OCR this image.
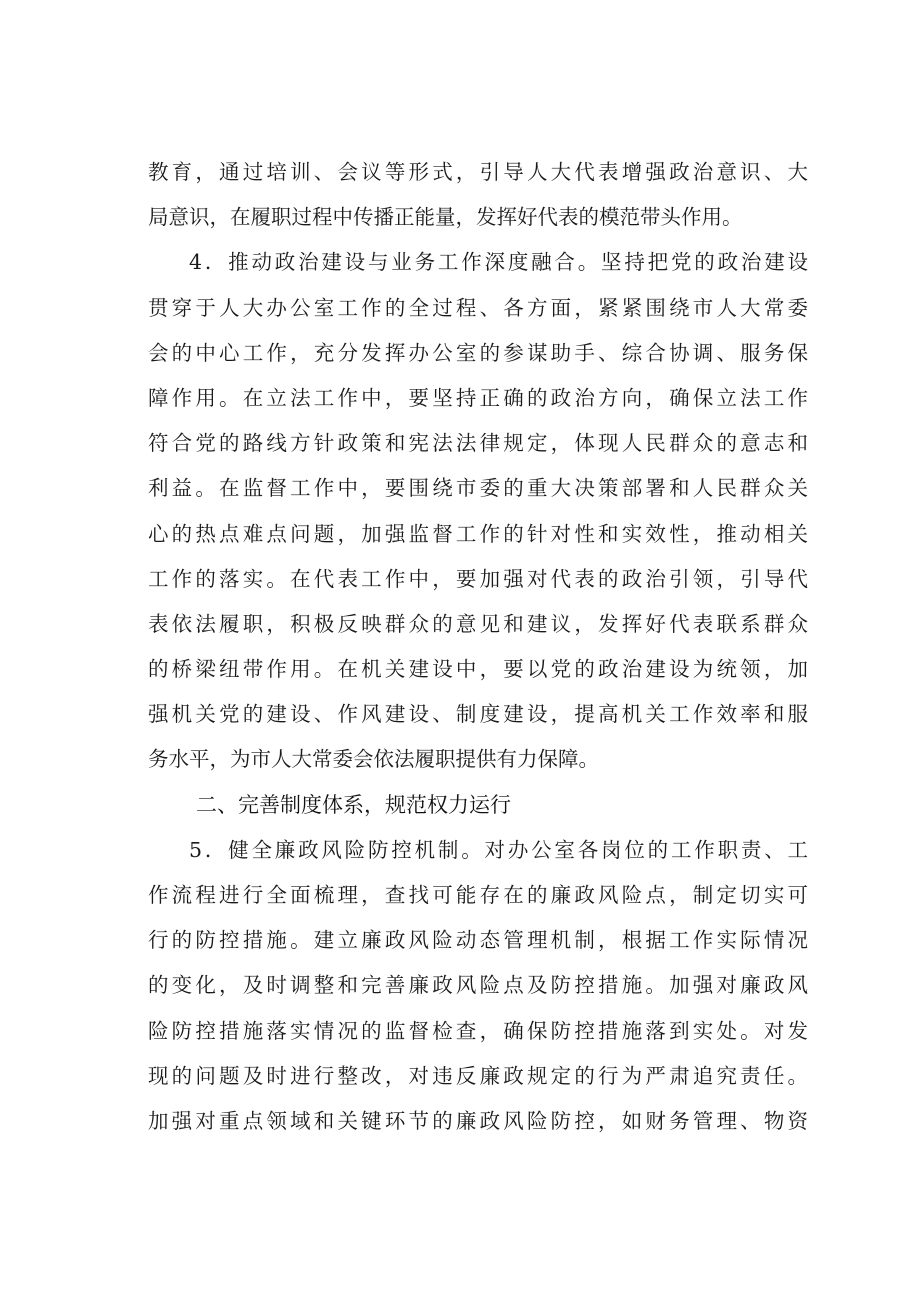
教育，通过培训、会议等形式，引导人大代表增强政治意识、大
局意识，在履职过程中传播正能量，发挥好代表的模范带头作用。
4．推动政治建设与业务工作深度融合。坚持把党的政治建设
贯穿于人大办公室工作的全过程、各方面，紧紧围绕市人大常委
会的中心工作，充分发挥办公室的参谋助手、综合协调、服务保
障作用。在立法工作中，要坚持正确的政治方向，确保立法工作
符合党的路线方针政策和宪法法律规定，体现人民群众的意志和
利益。在监督工作中，要围绕市委的重大决策部署和人民群众关
心的热点难点问题，加强监督工作的针对性和实效性，推动相关
工作的落实。在代表工作中，要加强对代表的政治引领，引导代
表依法履职，积极反映群众的意见和建议，发挥好代表联系群众
的桥梁纽带作用。在机关建设中，要以党的政治建设为统领，加
强机关党的建设、作风建设、制度建设，提高机关工作效率和服
务水平，为市人大常委会依法履职提供有力保障。
二、完善制度体系，规范权力运行
5．健全廉政风险防控机制。对办公室各岗位的工作职责、工
作流程进行全面梳理，查找可能存在的廉政风险点，制定切实可
行的防控措施。建立廉政风险动态管理机制，根据工作实际情况
的变化，及时调整和完善廉政风险点及防控措施。加强对廉政风
险防控措施落实情况的监督检查，确保防控措施落到实处。对发
现的问题及时进行整改，对违反廉政规定的行为严肃追究责任。
加强对重点领域和关键环节的廉政风险防控，如财务管理、物资
